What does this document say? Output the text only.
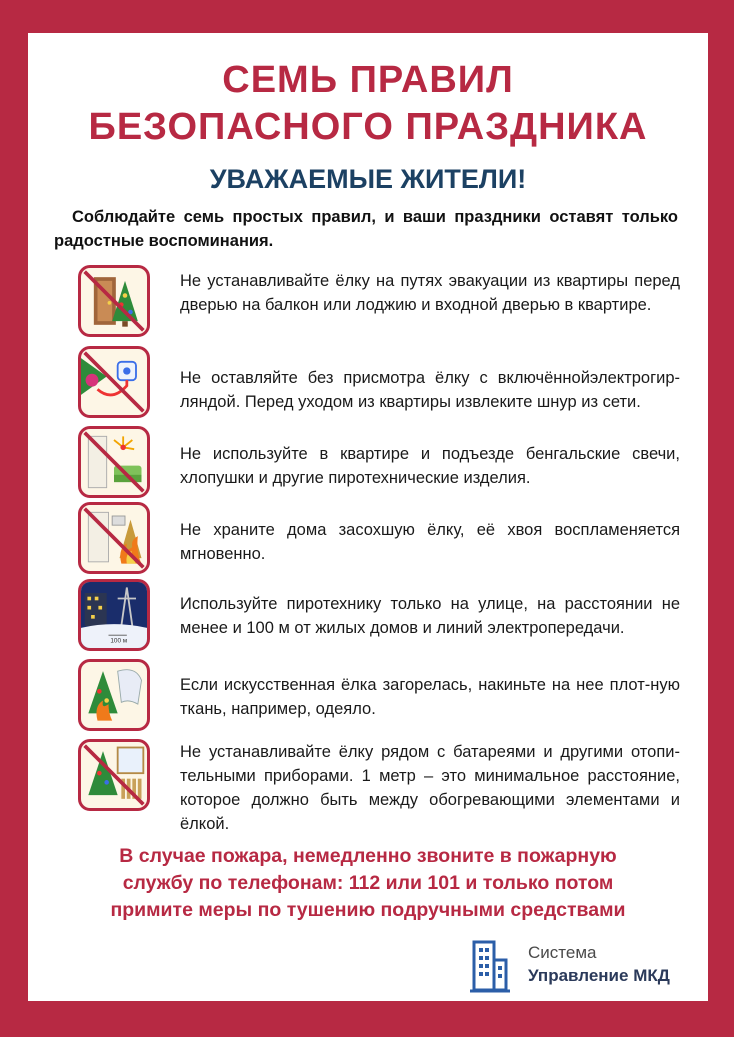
СЕМЬ ПРАВИЛ
БЕЗОПАСНОГО ПРАЗДНИКА
УВАЖАЕМЫЕ ЖИТЕЛИ!
Соблюдайте семь простых правил, и ваши праздники оставят только радостные воспоминания.
Не устанавливайте ёлку на путях эвакуации из квартиры перед дверью на балкон или лоджию и входной дверью в квартире.
Не оставляйте без присмотра ёлку с включённойэлектрогир-ляндой. Перед уходом из квартиры извлеките шнур из сети.
Не используйте в квартире и подъезде бенгальские свечи, хлопушки и другие пиротехнические изделия.
Не храните дома засохшую ёлку, её хвоя воспламеняется мгновенно.
100 м
Используйте пиротехнику только на улице, на расстоянии не менее и 100 м от жилых домов и линий электропередачи.
Если искусственная ёлка загорелась, накиньте на нее плот-ную ткань, например, одеяло.
Не устанавливайте ёлку рядом с батареями и другими отопи-тельными приборами. 1 метр – это минимальное расстояние, которое должно быть между обогревающими элементами и ёлкой.
В случае пожара, немедленно звоните в пожарную
службу по телефонам: 112 или 101 и только потом
примите меры по тушению подручными средствами
Система
Управление МКД
